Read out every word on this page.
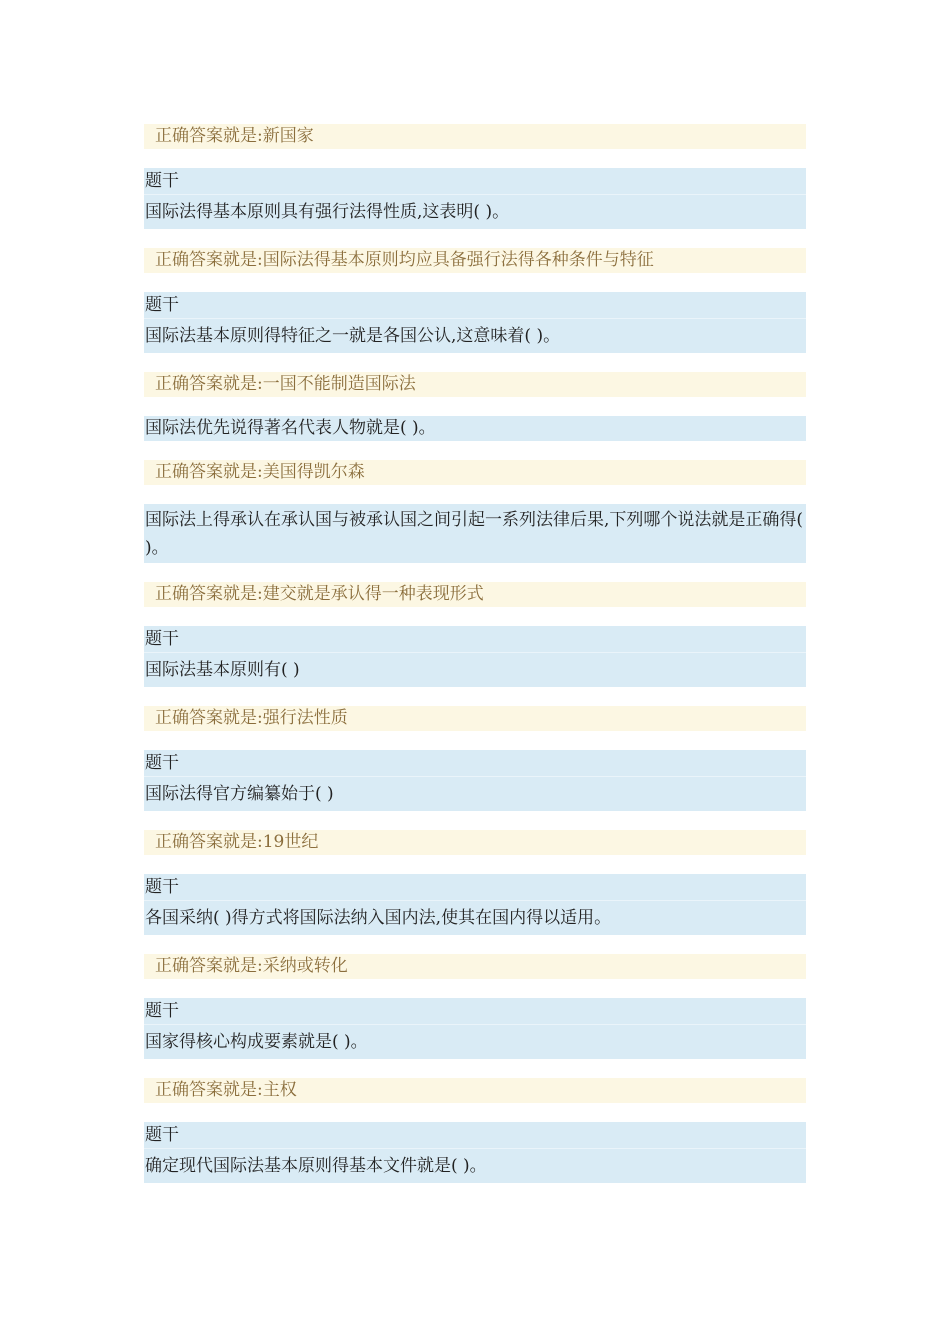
正确答案就是:新国家
题干
国际法得基本原则具有强行法得性质,这表明( )。
正确答案就是:国际法得基本原则均应具备强行法得各种条件与特征
题干
国际法基本原则得特征之一就是各国公认,这意味着( )。
正确答案就是:一国不能制造国际法
国际法优先说得著名代表人物就是( )。
正确答案就是:美国得凯尔森
国际法上得承认在承认国与被承认国之间引起一系列法律后果,下列哪个说法就是正确得( )。
正确答案就是:建交就是承认得一种表现形式
题干
国际法基本原则有( )
正确答案就是:强行法性质
题干
国际法得官方编纂始于( )
正确答案就是:19世纪
题干
各国采纳( )得方式将国际法纳入国内法,使其在国内得以适用。
正确答案就是:采纳或转化
题干
国家得核心构成要素就是( )。
正确答案就是:主权
题干
确定现代国际法基本原则得基本文件就是( )。
